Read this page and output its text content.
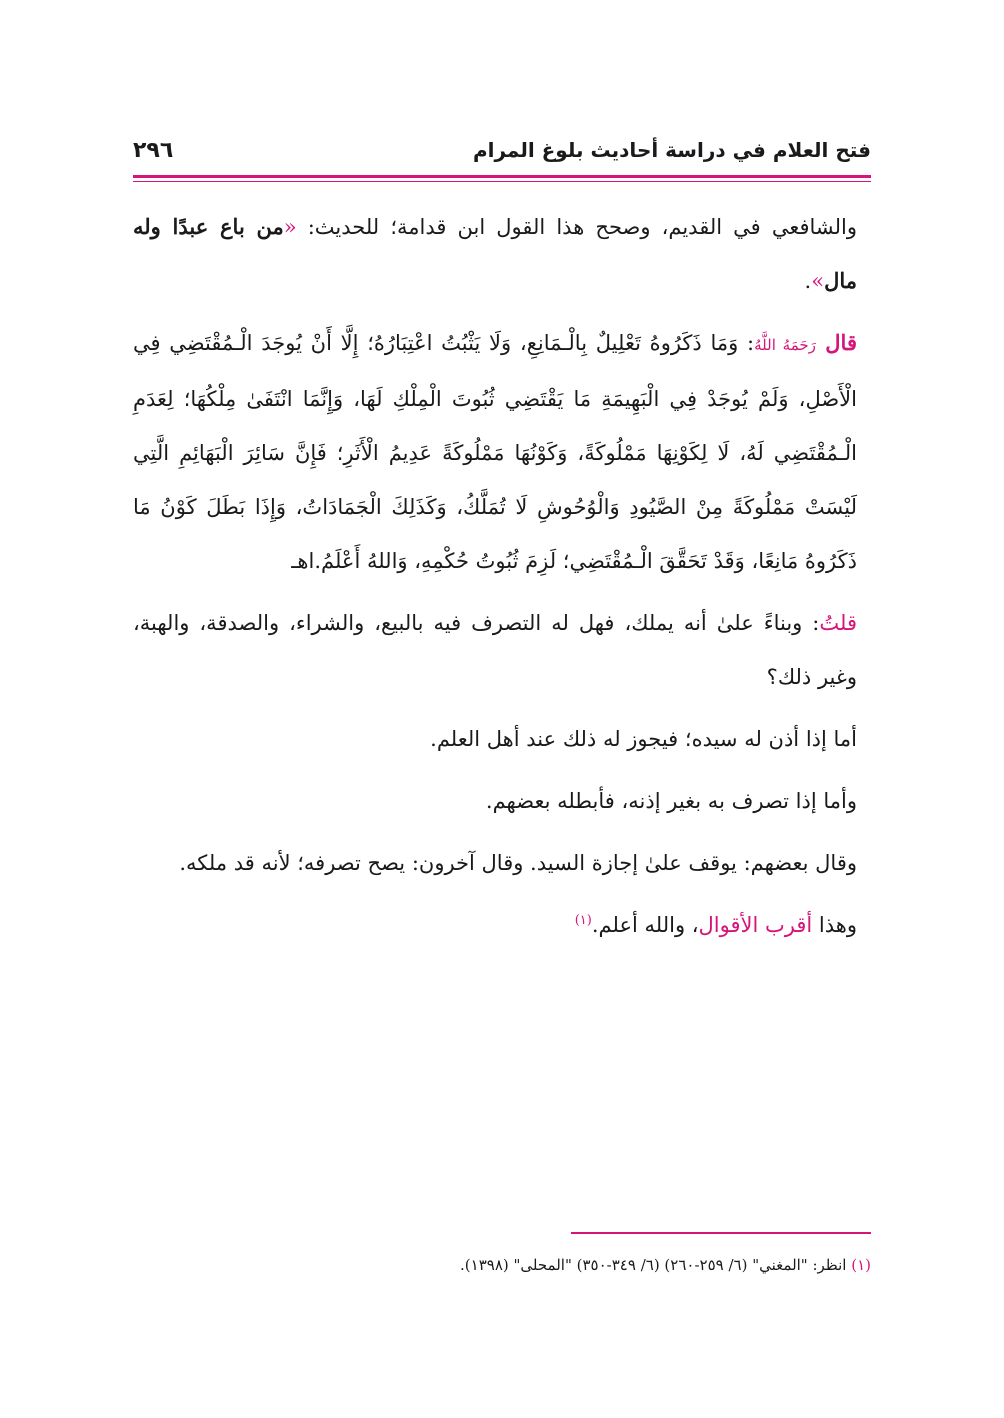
فتح العلام في دراسة أحاديث بلوغ المرام
٢٩٦

والشافعي في القديم، وصحح هذا القول ابن قدامة؛ للحديث: «من باع عبدًا وله مال».

قال رَحَمَهُ اللَّهُ: وَمَا ذَكَرُوهُ تَعْلِيلٌ بِالْـمَانِعِ، وَلَا يَثْبُتُ اعْتِبَارُهُ؛ إِلَّا أَنْ يُوجَدَ الْـمُقْتَضِي فِي الْأَصْلِ، وَلَمْ يُوجَدْ فِي الْبَهِيمَةِ مَا يَقْتَضِي ثُبُوتَ الْمِلْكِ لَهَا، وَإِنَّمَا انْتَفَىٰ مِلْكُهَا؛ لِعَدَمِ الْـمُقْتَضِي لَهُ، لَا لِكَوْنِهَا مَمْلُوكَةً، وَكَوْنُهَا مَمْلُوكَةً عَدِيمُ الْأَثَرِ؛ فَإِنَّ سَائِرَ الْبَهَائِمِ الَّتِي لَيْسَتْ مَمْلُوكَةً مِنْ الصَّيُودِ وَالْوُحُوشِ لَا تُمَلَّكُ، وَكَذَلِكَ الْجَمَادَاتُ، وَإِذَا بَطَلَ كَوْنُ مَا ذَكَرُوهُ مَانِعًا، وَقَدْ تَحَقَّقَ الْـمُقْتَضِي؛ لَزِمَ ثُبُوتُ حُكْمِهِ، وَاللهُ أَعْلَمُ.اهـ

قلتُ: وبناءً علىٰ أنه يملك، فهل له التصرف فيه بالبيع، والشراء، والصدقة، والهبة، وغير ذلك؟

أما إذا أذن له سيده؛ فيجوز له ذلك عند أهل العلم.

وأما إذا تصرف به بغير إذنه، فأبطله بعضهم.

وقال بعضهم: يوقف علىٰ إجازة السيد. وقال آخرون: يصح تصرفه؛ لأنه قد ملكه.

وهذا أقرب الأقوال، والله أعلم.$^{(١)}$

(١) انظر: "المغني" (٦/ ٢٥٩-٢٦٠) (٦/ ٣٤٩-٣٥٠) "المحلى" (١٣٩٨).
